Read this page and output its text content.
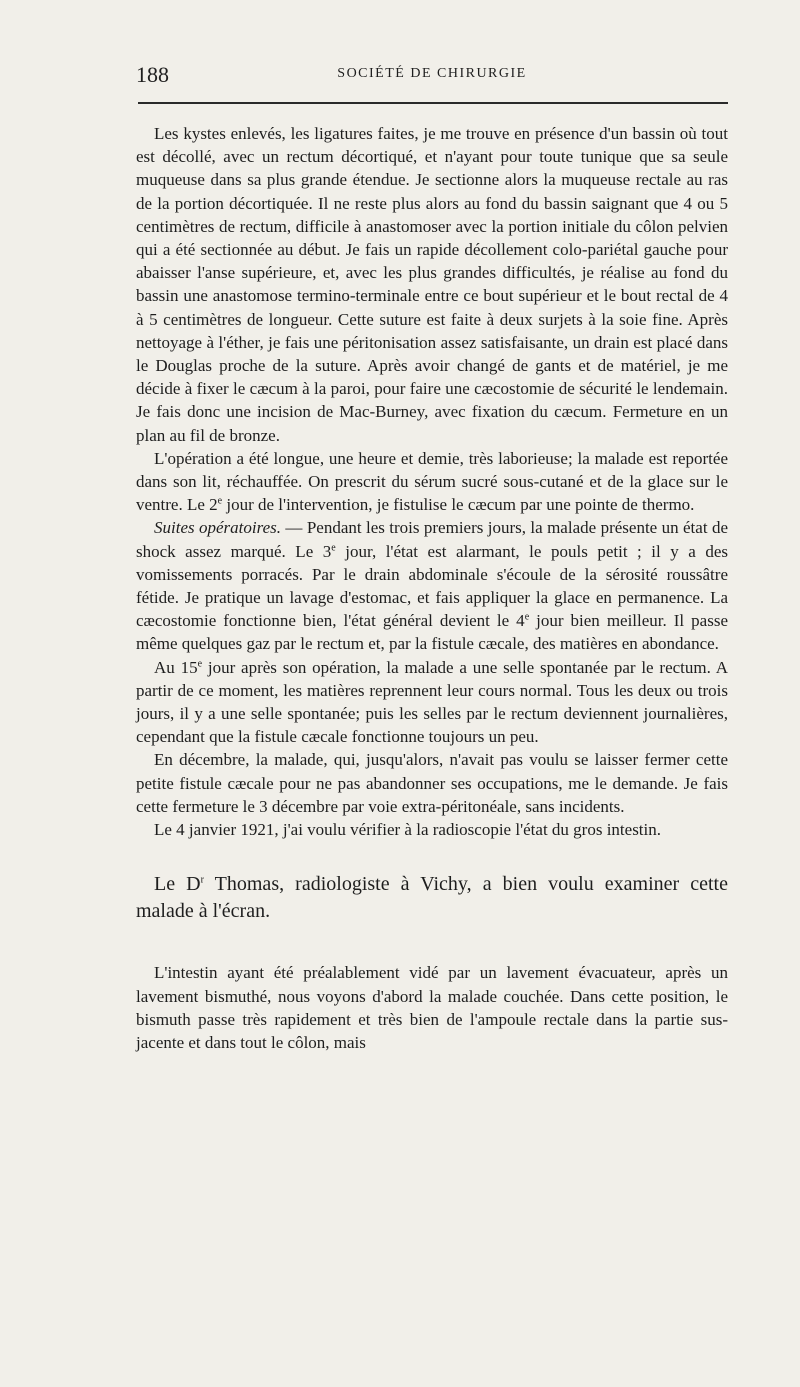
188	SOCIÉTÉ DE CHIRURGIE

Les kystes enlevés, les ligatures faites, je me trouve en présence d'un bassin où tout est décollé, avec un rectum décortiqué, et n'ayant pour toute tunique que sa seule muqueuse dans sa plus grande étendue. Je sectionne alors la muqueuse rectale au ras de la portion décortiquée. Il ne reste plus alors au fond du bassin saignant que 4 ou 5 centimètres de rectum, difficile à anastomoser avec la portion initiale du côlon pelvien qui a été sectionnée au début. Je fais un rapide décollement colo-pariétal gauche pour abaisser l'anse supérieure, et, avec les plus grandes difficultés, je réalise au fond du bassin une anastomose termino-terminale entre ce bout supérieur et le bout rectal de 4 à 5 centimètres de longueur. Cette suture est faite à deux surjets à la soie fine. Après nettoyage à l'éther, je fais une péritonisation assez satisfaisante, un drain est placé dans le Douglas proche de la suture. Après avoir changé de gants et de matériel, je me décide à fixer le cæcum à la paroi, pour faire une cæcostomie de sécurité le lendemain. Je fais donc une incision de Mac-Burney, avec fixation du cæcum. Fermeture en un plan au fil de bronze.

L'opération a été longue, une heure et demie, très laborieuse; la malade est reportée dans son lit, réchauffée. On prescrit du sérum sucré sous-cutané et de la glace sur le ventre. Le 2e jour de l'intervention, je fistulise le cæcum par une pointe de thermo.

Suites opératoires. — Pendant les trois premiers jours, la malade présente un état de shock assez marqué. Le 3e jour, l'état est alarmant, le pouls petit ; il y a des vomissements porracés. Par le drain abdominale s'écoule de la sérosité roussâtre fétide. Je pratique un lavage d'estomac, et fais appliquer la glace en permanence. La cæcostomie fonctionne bien, l'état général devient le 4e jour bien meilleur. Il passe même quelques gaz par le rectum et, par la fistule cæcale, des matières en abondance.

Au 15e jour après son opération, la malade a une selle spontanée par le rectum. A partir de ce moment, les matières reprennent leur cours normal. Tous les deux ou trois jours, il y a une selle spontanée; puis les selles par le rectum deviennent journalières, cependant que la fistule cæcale fonctionne toujours un peu.

En décembre, la malade, qui, jusqu'alors, n'avait pas voulu se laisser fermer cette petite fistule cæcale pour ne pas abandonner ses occupations, me le demande. Je fais cette fermeture le 3 décembre par voie extra-péritonéale, sans incidents.

Le 4 janvier 1921, j'ai voulu vérifier à la radioscopie l'état du gros intestin.

Le $D^r$ Thomas, radiologiste à Vichy, a bien voulu examiner cette malade à l'écran.

L'intestin ayant été préalablement vidé par un lavement évacuateur, après un lavement bismuthé, nous voyons d'abord la malade couchée. Dans cette position, le bismuth passe très rapidement et très bien de l'ampoule rectale dans la partie sus-jacente et dans tout le côlon, mais
